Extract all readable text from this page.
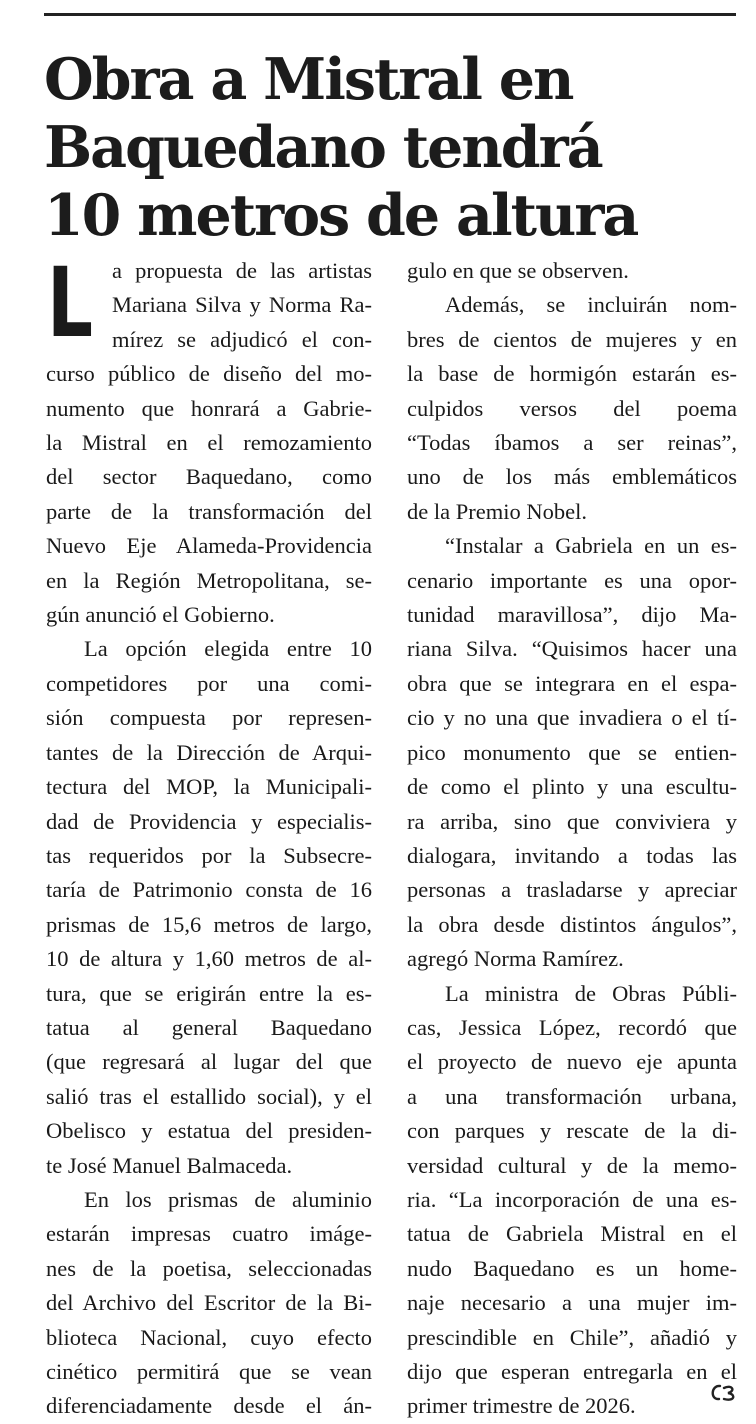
Obra a Mistral en
Baquedano tendrá
10 metros de altura
L a propuesta de las artistas
Mariana Silva y Norma Ra-
mírez se adjudicó el con-
curso público de diseño del mo-
numento que honrará a Gabrie-
la Mistral en el remozamiento
del sector Baquedano, como
parte de la transformación del
Nuevo Eje Alameda-Providencia
en la Región Metropolitana, se-
gún anunció el Gobierno.
La opción elegida entre 10
competidores por una comi-
sión compuesta por represen-
tantes de la Dirección de Arqui-
tectura del MOP, la Municipali-
dad de Providencia y especialis-
tas requeridos por la Subsecre-
taría de Patrimonio consta de 16
prismas de 15,6 metros de largo,
10 de altura y 1,60 metros de al-
tura, que se erigirán entre la es-
tatua al general Baquedano
(que regresará al lugar del que
salió tras el estallido social), y el
Obelisco y estatua del presiden-
te José Manuel Balmaceda.
En los prismas de aluminio
estarán impresas cuatro imáge-
nes de la poetisa, seleccionadas
del Archivo del Escritor de la Bi-
blioteca Nacional, cuyo efecto
cinético permitirá que se vean
diferenciadamente desde el án-
gulo en que se observen.
Además, se incluirán nom-
bres de cientos de mujeres y en
la base de hormigón estarán es-
culpidos versos del poema
“Todas íbamos a ser reinas”,
uno de los más emblemáticos
de la Premio Nobel.
“Instalar a Gabriela en un es-
cenario importante es una opor-
tunidad maravillosa”, dijo Ma-
riana Silva. “Quisimos hacer una
obra que se integrara en el espa-
cio y no una que invadiera o el tí-
pico monumento que se entien-
de como el plinto y una escultu-
ra arriba, sino que conviviera y
dialogara, invitando a todas las
personas a trasladarse y apreciar
la obra desde distintos ángulos”,
agregó Norma Ramírez.
La ministra de Obras Públi-
cas, Jessica López, recordó que
el proyecto de nuevo eje apunta
a una transformación urbana,
con parques y rescate de la di-
versidad cultural y de la memo-
ria. “La incorporación de una es-
tatua de Gabriela Mistral en el
nudo Baquedano es un home-
naje necesario a una mujer im-
prescindible en Chile”, añadió y
dijo que esperan entregarla en el
primer trimestre de 2026.
